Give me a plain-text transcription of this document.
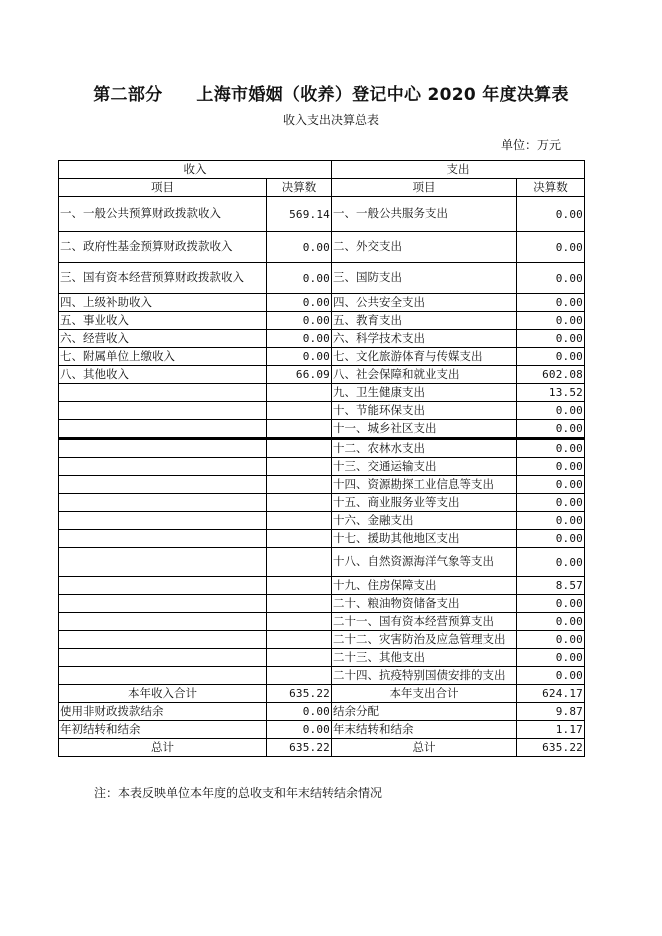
第二部分 上海市婚姻（收养）登记中心 2020 年度决算表
收入支出决算总表
单位：万元
收入		支出	
项目	决算数	项目	决算数
一、一般公共预算财政拨款收入	569.14	一、一般公共服务支出	0.00
二、政府性基金预算财政拨款收入	0.00	二、外交支出	0.00
三、国有资本经营预算财政拨款收入	0.00	三、国防支出	0.00
四、上级补助收入	0.00	四、公共安全支出	0.00
五、事业收入	0.00	五、教育支出	0.00
六、经营收入	0.00	六、科学技术支出	0.00
七、附属单位上缴收入	0.00	七、文化旅游体育与传媒支出	0.00
八、其他收入	66.09	八、社会保障和就业支出	602.08
		九、卫生健康支出	13.52
		十、节能环保支出	0.00
		十一、城乡社区支出	0.00
		十二、农林水支出	0.00
		十三、交通运输支出	0.00
		十四、资源勘探工业信息等支出	0.00
		十五、商业服务业等支出	0.00
		十六、金融支出	0.00
		十七、援助其他地区支出	0.00
		十八、自然资源海洋气象等支出	0.00
		十九、住房保障支出	8.57
		二十、粮油物资储备支出	0.00
		二十一、国有资本经营预算支出	0.00
		二十二、灾害防治及应急管理支出	0.00
		二十三、其他支出	0.00
		二十四、抗疫特别国债安排的支出	0.00
本年收入合计	635.22	本年支出合计	624.17
使用非财政拨款结余	0.00	结余分配	9.87
年初结转和结余	0.00	年末结转和结余	1.17
总计	635.22	总计	635.22
注：本表反映单位本年度的总收支和年末结转结余情况
